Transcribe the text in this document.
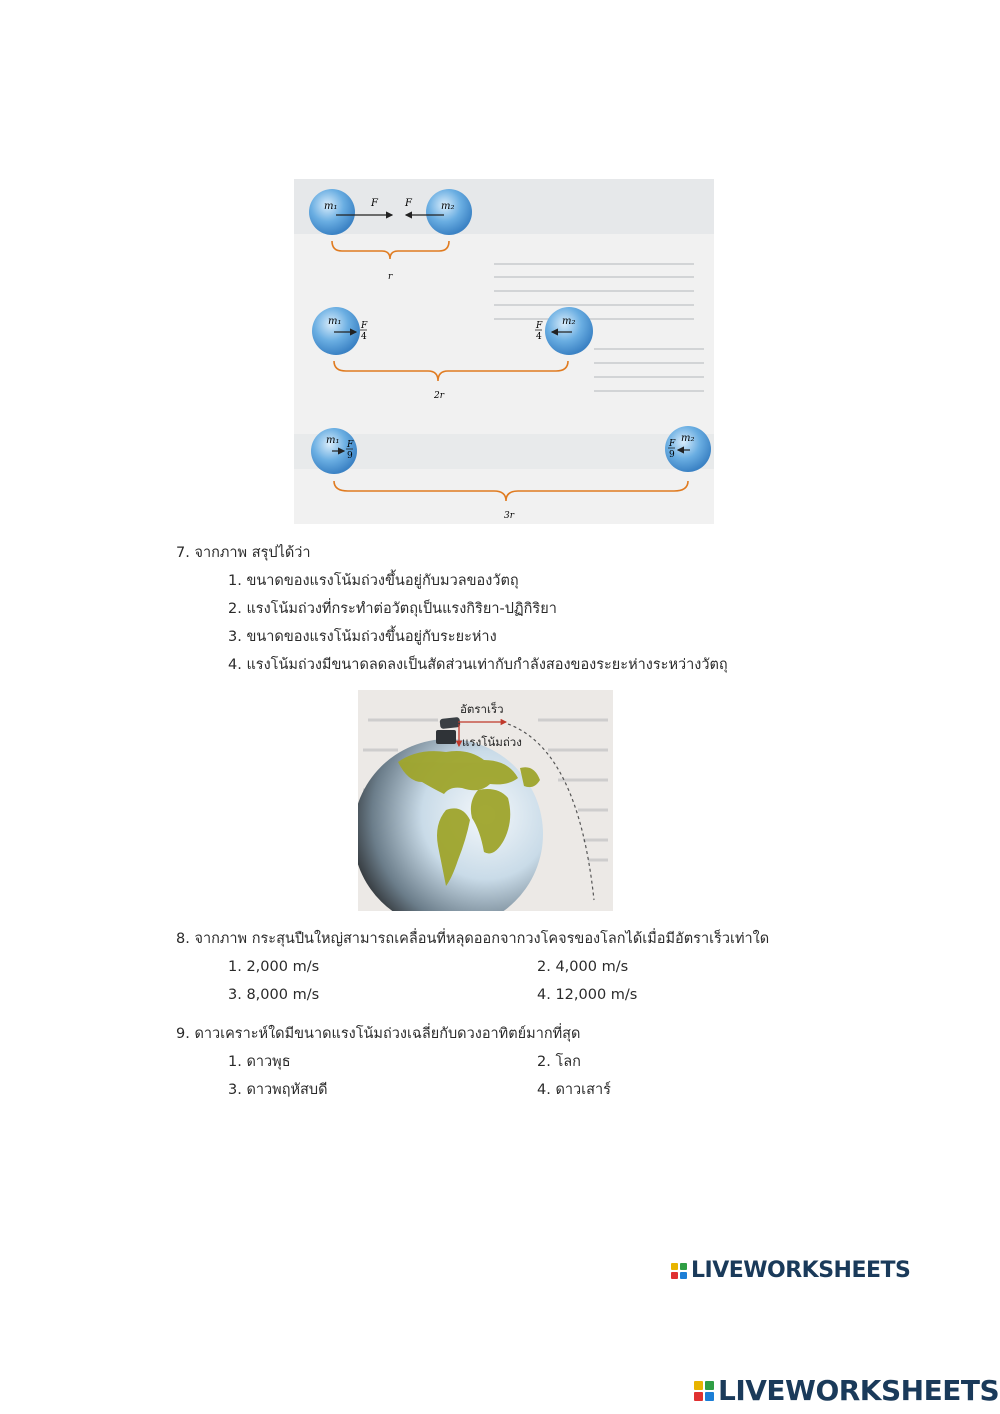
m₁	m₂
F	F
r
m₁	m₂
F
4
F
4
2r
m₁	m₂
F
9
F
9
3r
7. จากภาพ สรุปได้ว่า
1. ขนาดของแรงโน้มถ่วงขึ้นอยู่กับมวลของวัตถุ
2. แรงโน้มถ่วงที่กระทำต่อวัตถุเป็นแรงกิริยา-ปฏิกิริยา
3. ขนาดของแรงโน้มถ่วงขึ้นอยู่กับระยะห่าง
4. แรงโน้มถ่วงมีขนาดลดลงเป็นสัดส่วนเท่ากับกำลังสองของระยะห่างระหว่างวัตถุ
อัตราเร็ว
แรงโน้มถ่วง
8. จากภาพ กระสุนปืนใหญ่สามารถเคลื่อนที่หลุดออกจากวงโคจรของโลกได้เมื่อมีอัตราเร็วเท่าใด
1. 2,000 m/s	2. 4,000 m/s
3. 8,000 m/s	4. 12,000 m/s
9. ดาวเคราะห์ใดมีขนาดแรงโน้มถ่วงเฉลี่ยกับดวงอาทิตย์มากที่สุด
1. ดาวพุธ	2. โลก
3. ดาวพฤหัสบดี	4. ดาวเสาร์
LIVEWORKSHEETS
LIVEWORKSHEETS
